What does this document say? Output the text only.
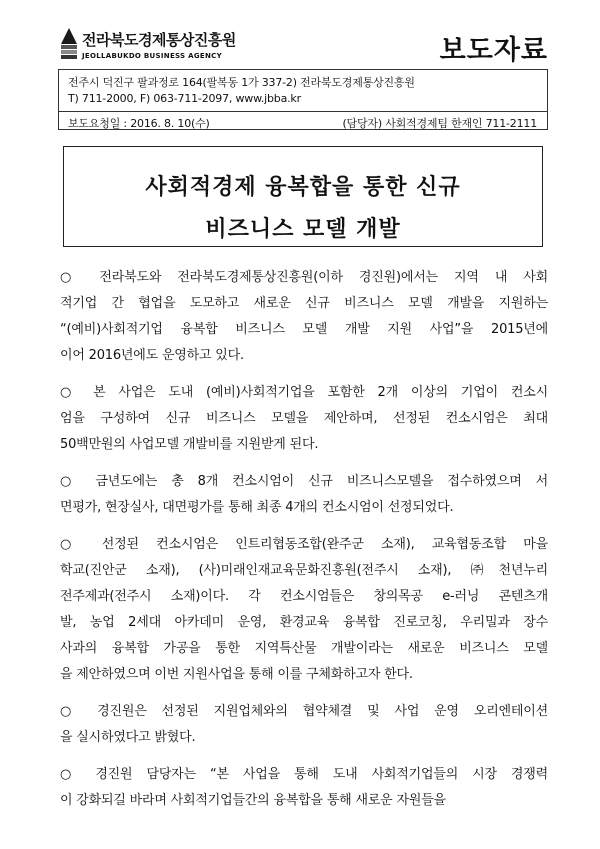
전라북도경제통상진흥원
JEOLLABUKDO BUSINESS AGENCY	보도자료
전주시 덕진구 팔과정로 164(팔복동 1가 337-2) 전라북도경제통상진흥원
T) 711-2000, F) 063-711-2097, www.jbba.kr
보도요청일 : 2016. 8. 10(수)	(담당자) 사회적경제팀 한재인 711-2111
사회적경제 융복합을 통한 신규
비즈니스 모델 개발

○ 전라북도와 전라북도경제통상진흥원(이하 경진원)에서는 지역 내 사회
적기업 간 협업을 도모하고 새로운 신규 비즈니스 모델 개발을 지원하는
“(예비)사회적기업 융복합 비즈니스 모델 개발 지원 사업”을 2015년에
이어 2016년에도 운영하고 있다.

○ 본 사업은 도내 (예비)사회적기업을 포함한 2개 이상의 기업이 컨소시
엄을 구성하여 신규 비즈니스 모델을 제안하며, 선정된 컨소시엄은 최대
50백만원의 사업모델 개발비를 지원받게 된다.

○ 금년도에는 총 8개 컨소시엄이 신규 비즈니스모델을 접수하였으며 서
면평가, 현장실사, 대면평가를 통해 최종 4개의 컨소시엄이 선정되었다.

○ 선정된 컨소시엄은 인트리협동조합(완주군 소재), 교육협동조합 마을
학교(진안군 소재), (사)미래인재교육문화진흥원(전주시 소재), ㈜천년누리
전주제과(전주시 소재)이다. 각 컨소시엄들은 창의목공 e-러닝 콘텐츠개
발, 농업 2세대 아카데미 운영, 환경교육 융복합 진로코칭, 우리밀과 장수
사과의 융복합 가공을 통한 지역특산물 개발이라는 새로운 비즈니스 모델
을 제안하였으며 이번 지원사업을 통해 이를 구체화하고자 한다.

○ 경진원은 선정된 지원업체와의 협약체결 및 사업 운영 오리엔테이션
을 실시하였다고 밝혔다.

○ 경진원 담당자는 “본 사업을 통해 도내 사회적기업들의 시장 경쟁력
이 강화되길 바라며 사회적기업들간의 융복합을 통해 새로운 자원들을
